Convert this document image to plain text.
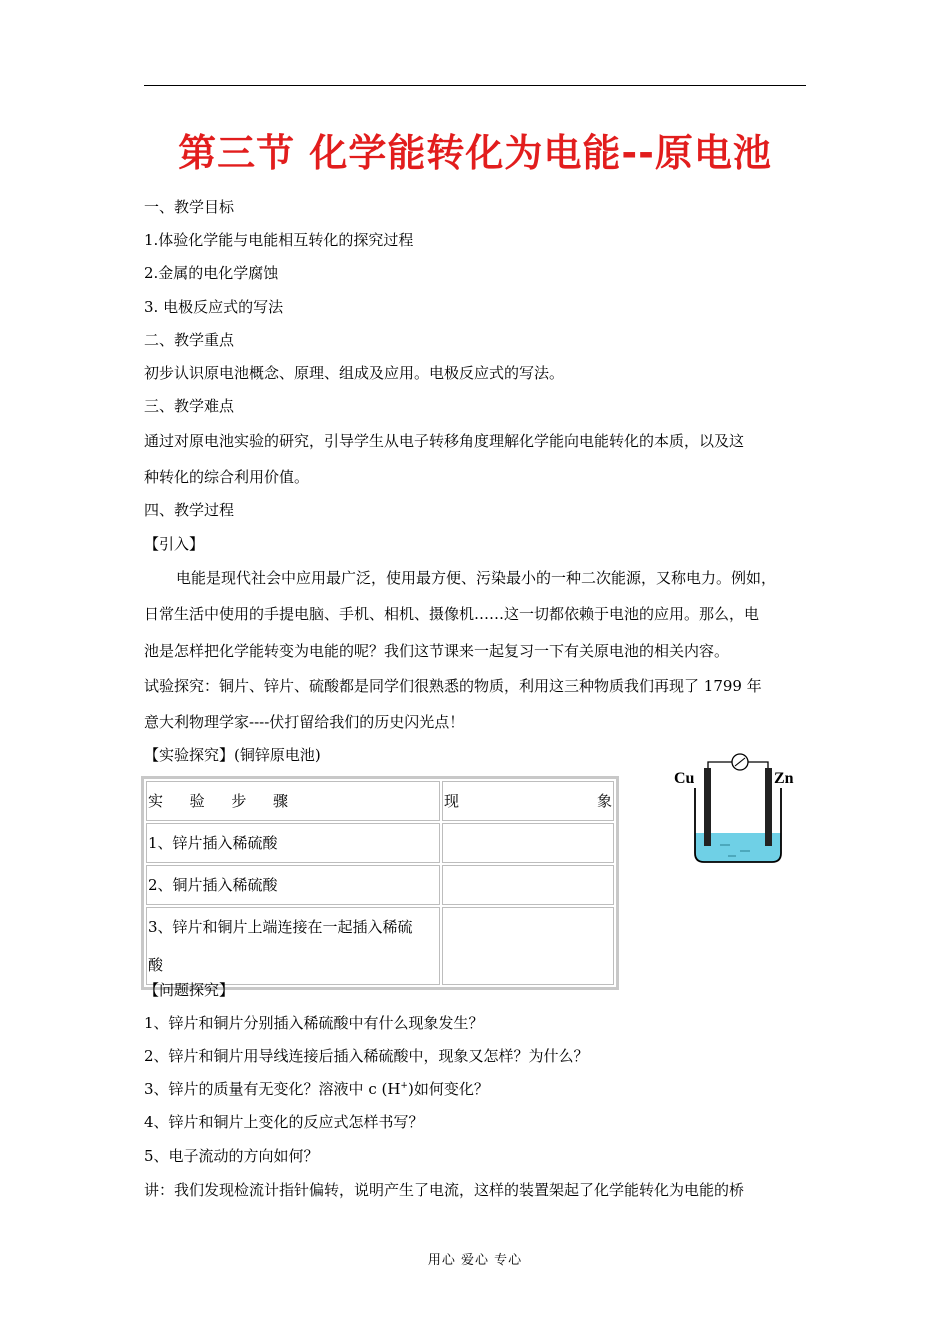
第三节 化学能转化为电能--原电池
一、教学目标
1.体验化学能与电能相互转化的探究过程
2.金属的电化学腐蚀
3. 电极反应式的写法
二、教学重点
初步认识原电池概念、原理、组成及应用。电极反应式的写法。
三、教学难点
通过对原电池实验的研究，引导学生从电子转移角度理解化学能向电能转化的本质，以及这
种转化的综合利用价值。
四、教学过程
【引入】
电能是现代社会中应用最广泛，使用最方便、污染最小的一种二次能源，又称电力。例如，
日常生活中使用的手提电脑、手机、相机、摄像机……这一切都依赖于电池的应用。那么，电
池是怎样把化学能转变为电能的呢？我们这节课来一起复习一下有关原电池的相关内容。
试验探究：铜片、锌片、硫酸都是同学们很熟悉的物质，利用这三种物质我们再现了 1799 年
意大利物理学家----伏打留给我们的历史闪光点！
【实验探究】(铜锌原电池)
实 验 步 骤	现 象

1、锌片插入稀硫酸	
2、铜片插入稀硫酸	

3、锌片和铜片上端连接在一起插入稀硫
酸	

Cu	Zn
【问题探究】
1、锌片和铜片分别插入稀硫酸中有什么现象发生？
2、锌片和铜片用导线连接后插入稀硫酸中，现象又怎样？为什么？
3、锌片的质量有无变化？溶液中 c (H+)如何变化？
4、锌片和铜片上变化的反应式怎样书写？
5、电子流动的方向如何？
讲：我们发现检流计指针偏转，说明产生了电流，这样的装置架起了化学能转化为电能的桥
用心 爱心 专心
